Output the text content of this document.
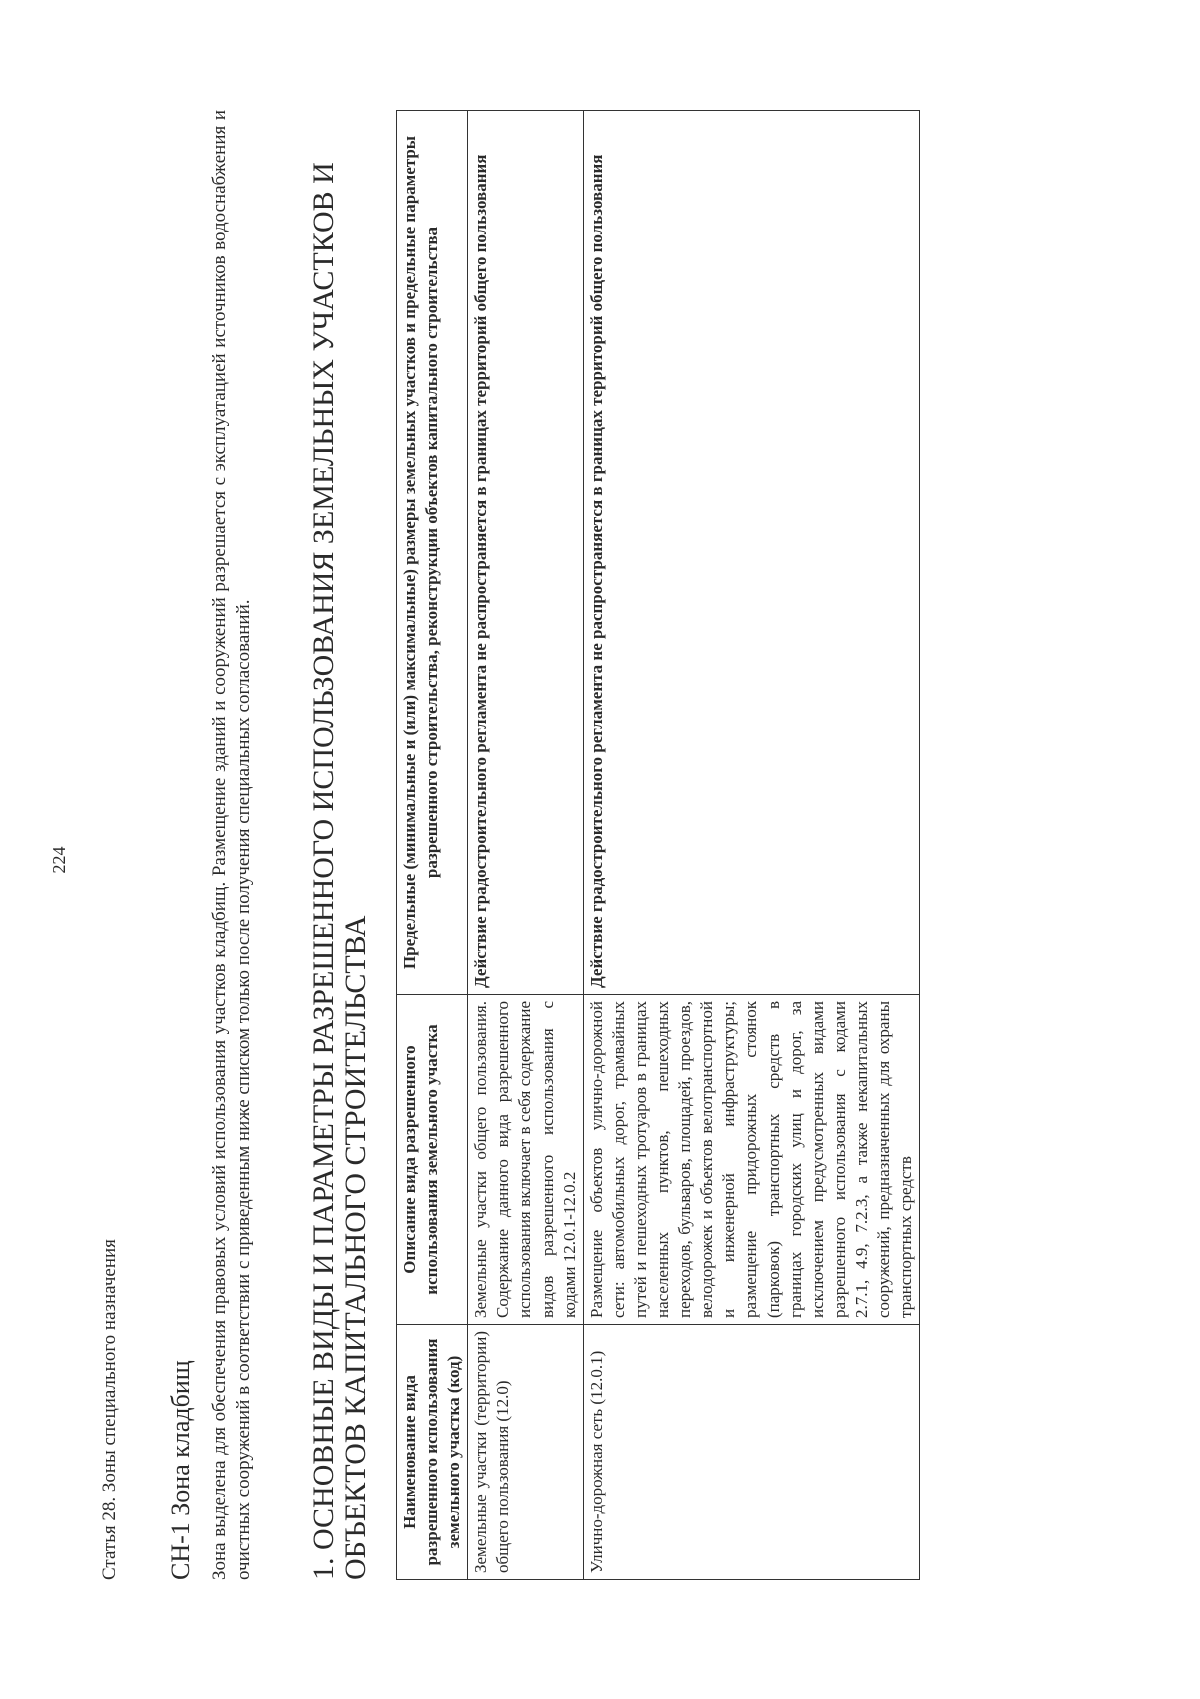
224
Статья 28. Зоны специального назначения СН-1 Зона кладбищ Зона выделена для обеспечения правовых условий использования участков кладбищ. Размещение зданий и сооружений разрешается с эксплуатацией источников водоснабжения и очистных сооружений в соответствии с приведенным ниже списком только после получения специальных согласований. 1. ОСНОВНЫЕ ВИДЫ И ПАРАМЕТРЫ РАЗРЕШЕННОГО ИСПОЛЬЗОВАНИЯ ЗЕМЕЛЬНЫХ УЧАСТКОВ И ОБЪЕКТОВ КАПИТАЛЬНОГО СТРОИТЕЛЬСТВА Наименование вида разрешенного использования земельного участка (код)	Описание вида разрешенного использования земельного участка	Предельные (минимальные и (или) максимальные) размеры земельных участков и предельные параметры разрешенного строительства, реконструкции объектов капитального строительства
Земельные участки (территории) общего пользования (12.0)	Земельные участки общего пользования. Содержание данного вида разрешенного использования включает в себя содержание видов разрешенного использования с кодами 12.0.1-12.0.2	Действие градостроительного регламента не распространяется в границах территорий общего пользования
Улично-дорожная сеть (12.0.1)	Размещение объектов улично-дорожной сети: автомобильных дорог, трамвайных путей и пешеходных тротуаров в границах населенных пунктов, пешеходных переходов, бульваров, площадей, проездов, велодорожек и объектов велотранспортной и инженерной инфраструктуры; размещение придорожных стоянок (парковок) транспортных средств в границах городских улиц и дорог, за исключением предусмотренных видами разрешенного использования с кодами 2.7.1, 4.9, 7.2.3, а также некапитальных сооружений, предназначенных для охраны транспортных средств	Действие градостроительного регламента не распространяется в границах территорий общего пользования
